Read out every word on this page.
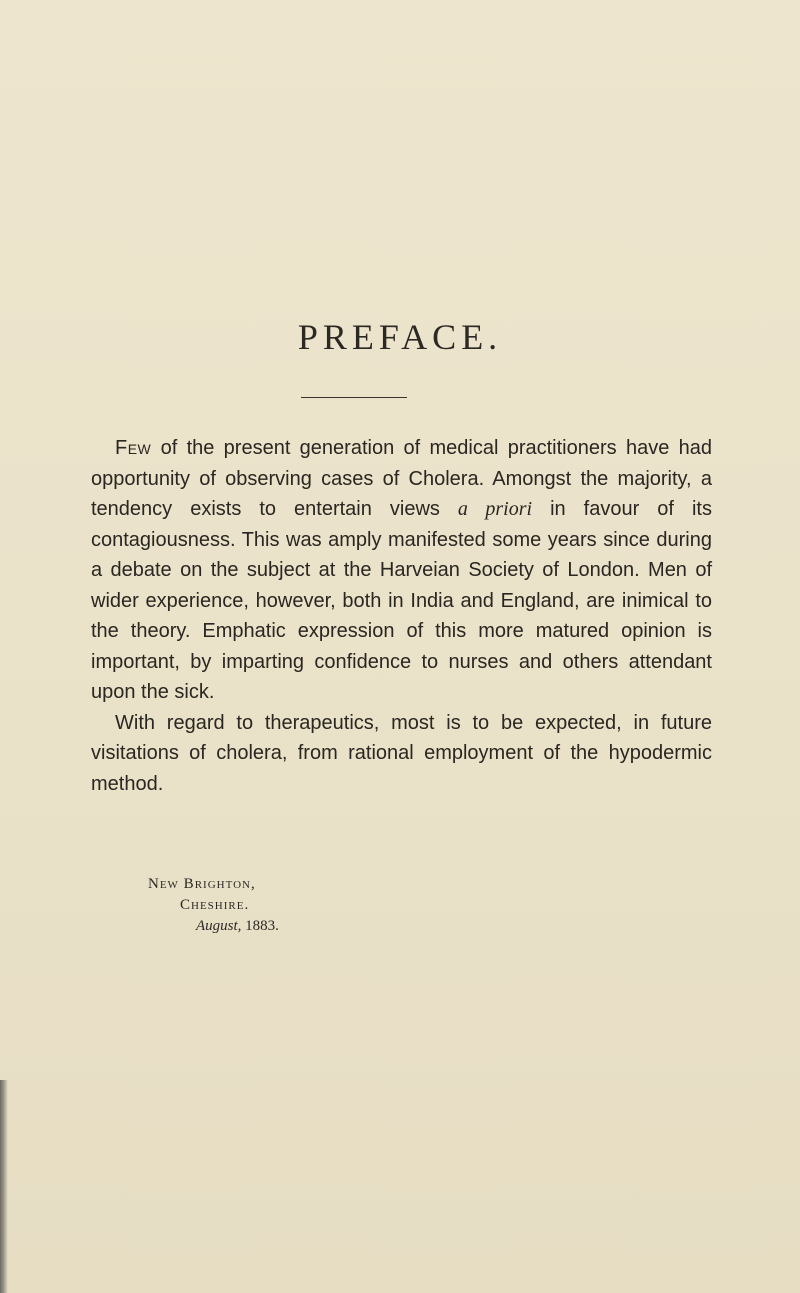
PREFACE.

Few of the present generation of medical practitioners have had opportunity of observing cases of Cholera. Amongst the majority, a tendency exists to entertain views a priori in favour of its contagiousness. This was amply manifested some years since during a debate on the subject at the Harveian Society of London. Men of wider experience, however, both in India and England, are inimical to the theory. Emphatic expression of this more matured opinion is important, by imparting confidence to nurses and others attendant upon the sick.

With regard to therapeutics, most is to be expected, in future visitations of cholera, from rational employment of the hypodermic method.

New Brighton,
Cheshire.
August, 1883.
